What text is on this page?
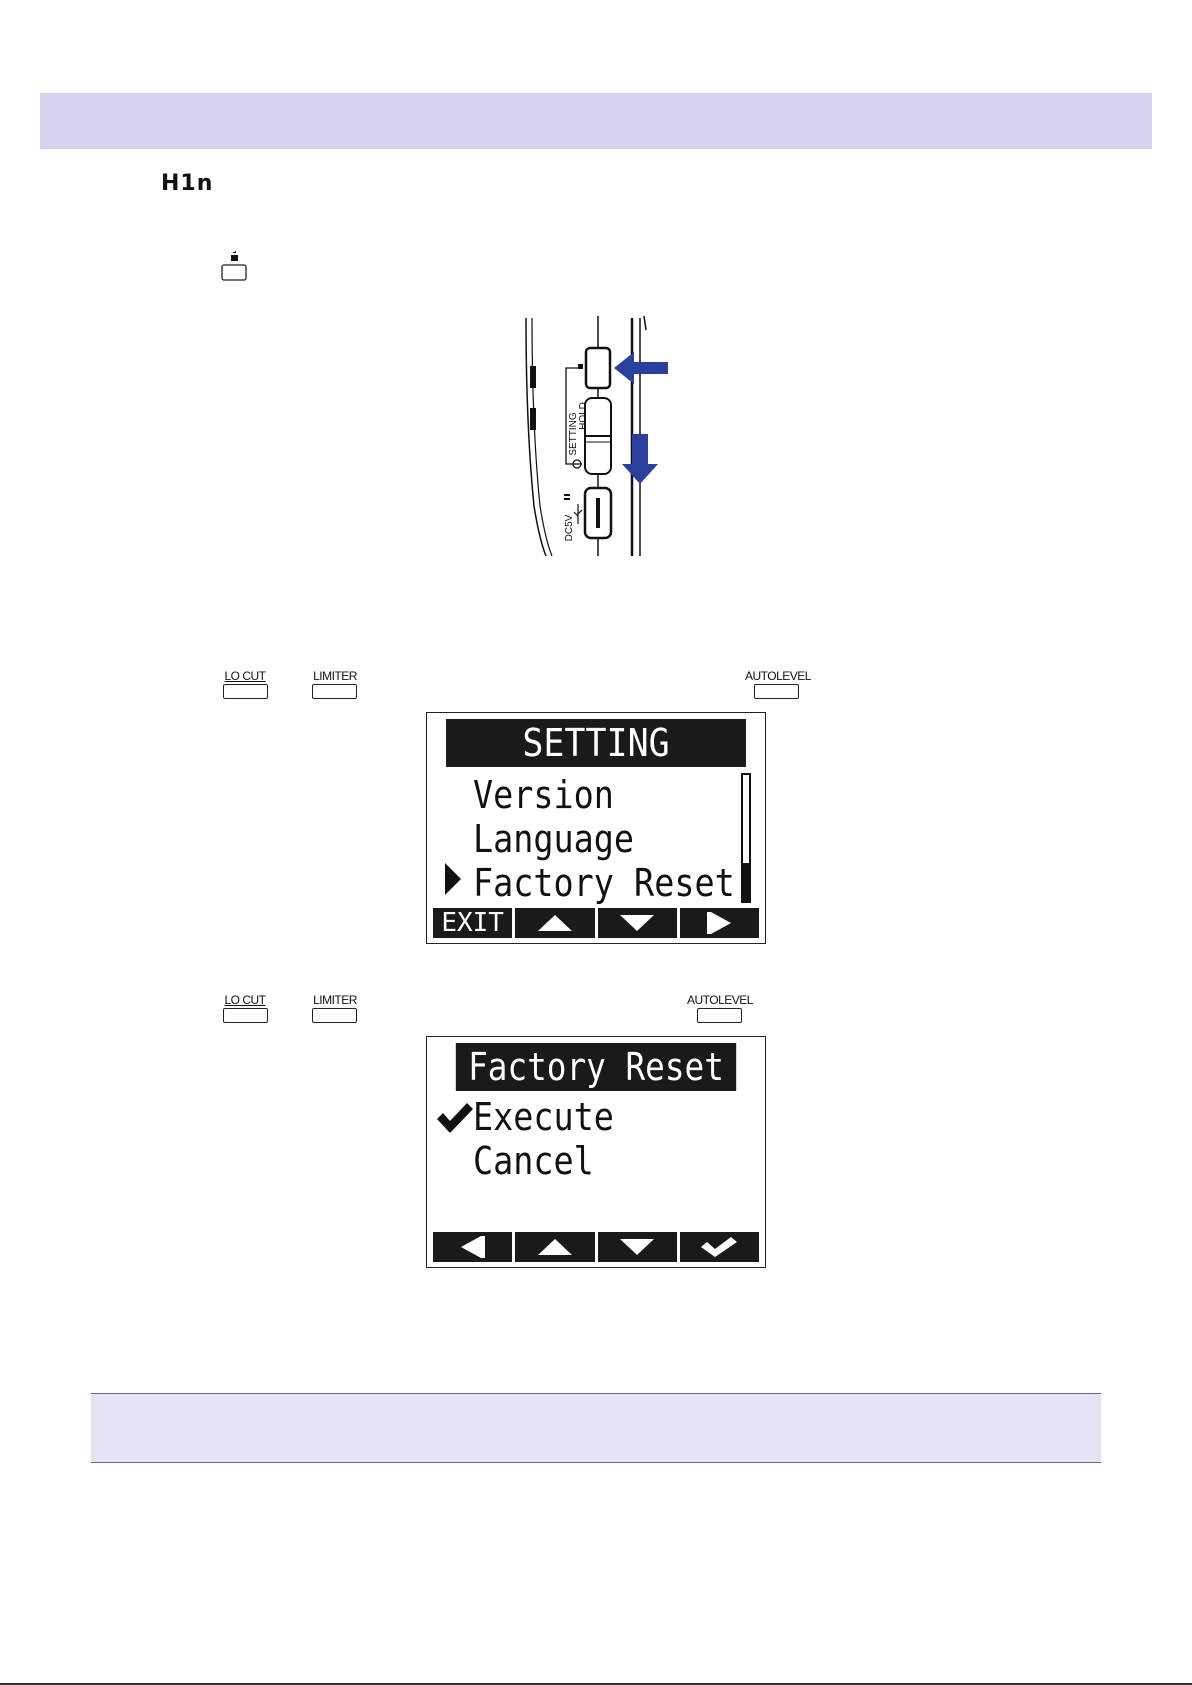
H1n
SETTING HOLD
DC5V
LO CUT	LIMITER	AUTOLEVEL
SETTING
Version
Language
Factory Reset
EXIT
LO CUT	LIMITER	AUTOLEVEL
Factory Reset
Execute
Cancel
